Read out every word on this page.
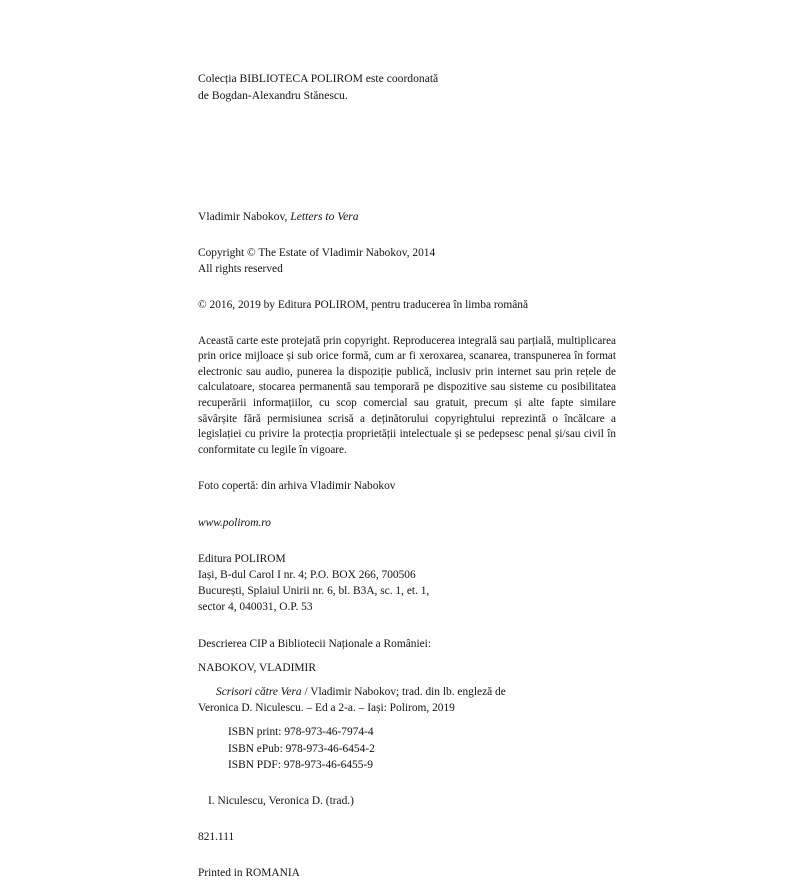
Colecția BIBLIOTECA POLIROM este coordonată

de Bogdan-Alexandru Stănescu.

Vladimir Nabokov, Letters to Vera

Copyright © The Estate of Vladimir Nabokov, 2014

All rights reserved

© 2016, 2019 by Editura POLIROM, pentru traducerea în limba română

Această carte este protejată prin copyright. Reproducerea integrală sau parțială, multiplicarea prin orice mijloace și sub orice formă, cum ar fi xeroxarea, scanarea, transpunerea în format electronic sau audio, punerea la dispoziție publică, inclusiv prin internet sau prin rețele de calculatoare, stocarea permanentă sau temporară pe dispozitive sau sisteme cu posibilitatea recuperării informațiilor, cu scop comercial sau gratuit, precum și alte fapte similare săvârșite fără permisiunea scrisă a deținătorului copyrightului reprezintă o încălcare a legislației cu privire la protecția proprietății intelectuale și se pedepsesc penal și/sau civil în conformitate cu legile în vigoare.

Foto copertă: din arhiva Vladimir Nabokov

www.polirom.ro

Editura POLIROM

Iași, B-dul Carol I nr. 4; P.O. BOX 266, 700506

București, Splaiul Unirii nr. 6, bl. B3A, sc. 1, et. 1,

sector 4, 040031, O.P. 53

Descrierea CIP a Bibliotecii Naționale a României:

NABOKOV, VLADIMIR

Scrisori către Vera / Vladimir Nabokov; trad. din lb. engleză de

Veronica D. Niculescu. – Ed a 2-a. – Iași: Polirom, 2019

ISBN print: 978-973-46-7974-4
ISBN ePub: 978-973-46-6454-2
ISBN PDF: 978-973-46-6455-9

I. Niculescu, Veronica D. (trad.)

821.111

Printed in ROMANIA
